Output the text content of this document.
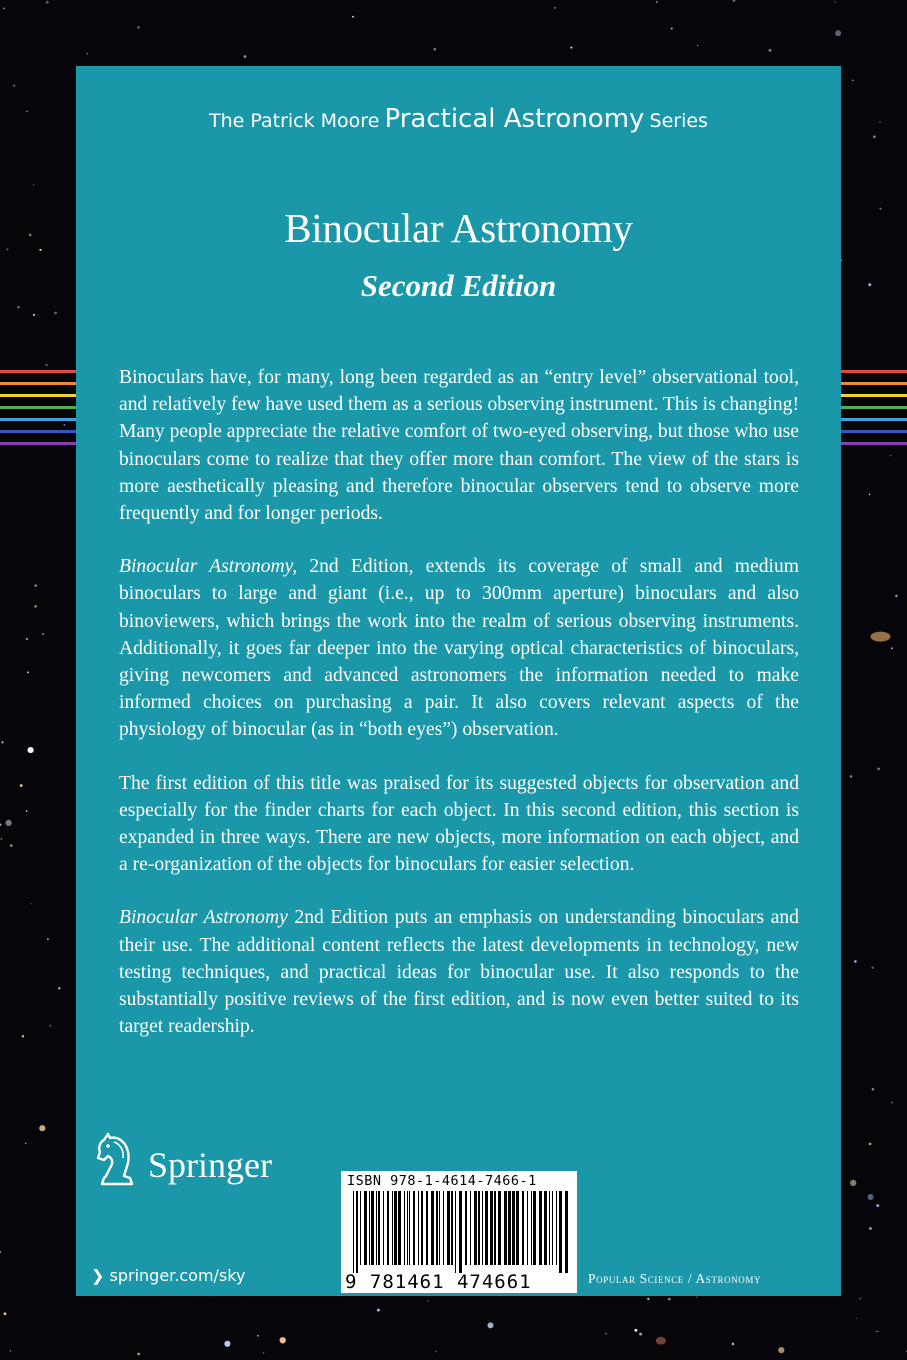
The Patrick Moore Practical Astronomy Series
Binocular Astronomy
Second Edition

Binoculars have, for many, long been regarded as an “entry level” observational tool, and relatively few have used them as a serious observing instrument. This is changing! Many people appreciate the relative comfort of two-eyed observing, but those who use binoculars come to realize that they offer more than comfort. The view of the stars is more aesthetically pleasing and therefore binocular observers tend to observe more frequently and for longer periods.

Binocular Astronomy, 2nd Edition, extends its coverage of small and medium binoculars to large and giant (i.e., up to 300mm aperture) binoculars and also binoviewers, which brings the work into the realm of serious observing instruments. Additionally, it goes far deeper into the varying optical characteristics of binoculars, giving newcomers and advanced astronomers the information needed to make informed choices on purchasing a pair. It also covers relevant aspects of the physiology of binocular (as in “both eyes”) observation.

The first edition of this title was praised for its suggested objects for observation and especially for the finder charts for each object. In this second edition, this section is expanded in three ways. There are new objects, more information on each object, and a re-organization of the objects for binoculars for easier selection.

Binocular Astronomy 2nd Edition puts an emphasis on understanding binoculars and their use. The additional content reflects the latest developments in technology, new testing techniques, and practical ideas for binocular use. It also responds to the substantially positive reviews of the first edition, and is now even better suited to its target readership.

Springer
❯ springer.com/sky
ISBN 978-1-4614-7466-1
9 781461 474661	Popular Science / Astronomy
